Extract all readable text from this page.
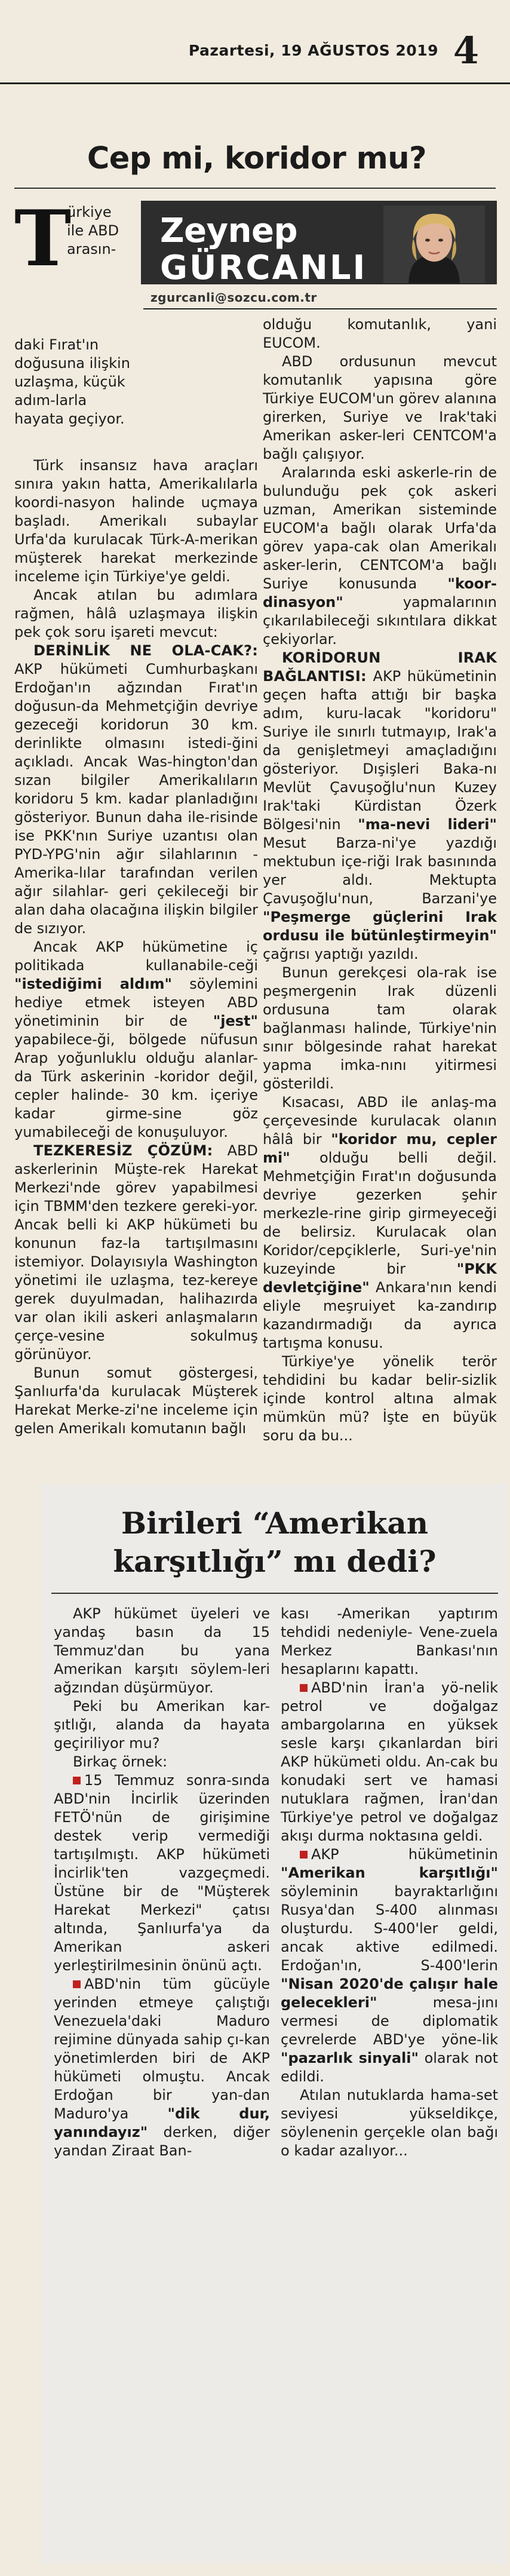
Pazartesi, 19 AĞUSTOS 2019 4
Cep mi, koridor mu?
T

ürkiye

ile ABD

arasın-

daki Fırat'ın doğusuna ilişkin uzlaşma, küçük adım-larla hayata geçiyor.
Zeynep
GÜRCANLI
zgurcanli@sozcu.com.tr

olduğu komutanlık, yani EUCOM.

ABD ordusunun mevcut komutanlık yapısına göre Türkiye EUCOM'un görev alanına girerken, Suriye ve Irak'taki Amerikan asker-leri CENTCOM'a bağlı çalışıyor.

Aralarında eski askerle-rin de bulunduğu pek çok askeri uzman, Amerikan sisteminde EUCOM'a bağlı olarak Urfa'da görev yapa-cak olan Amerikalı asker-lerin, CENTCOM'a bağlı Suriye konusunda "koor-dinasyon" yapmalarının çıkarılabileceği sıkıntılara dikkat çekiyorlar.

KORİDORUN IRAK BAĞLANTISI: AKP hükümetinin geçen hafta attığı bir başka adım, kuru-lacak "koridoru" Suriye ile sınırlı tutmayıp, Irak'a da genişletmeyi amaçladığını gösteriyor. Dışişleri Baka-nı Mevlüt Çavuşoğlu'nun Kuzey Irak'taki Kürdistan Özerk Bölgesi'nin "ma-nevi lideri" Mesut Barza-ni'ye yazdığı mektubun içe-riği Irak basınında yer aldı. Mektupta Çavuşoğlu'nun, Barzani'ye "Peşmerge güçlerini Irak ordusu ile bütünleştirmeyin" çağrısı yaptığı yazıldı.

Bunun gerekçesi ola-rak ise peşmergenin Irak düzenli ordusuna tam olarak bağlanması halinde, Türkiye'nin sınır bölgesinde rahat harekat yapma imka-nını yitirmesi gösterildi.

Kısacası, ABD ile anlaş-ma çerçevesinde kurulacak olanın hâlâ bir "koridor mu, cepler mi" olduğu belli değil. Mehmetçiğin Fırat'ın doğusunda devriye gezerken şehir merkezle-rine girip girmeyeceği de belirsiz. Kurulacak olan Koridor/cepçiklerle, Suri-ye'nin kuzeyinde bir "PKK devletçiğine" Ankara'nın kendi eliyle meşruiyet ka-zandırıp kazandırmadığı da ayrıca tartışma konusu.

Türkiye'ye yönelik terör tehdidini bu kadar belir-sizlik içinde kontrol altına almak mümkün mü? İşte en büyük soru da bu...

Türk insansız hava araçları sınıra yakın hatta, Amerikalılarla koordi-nasyon halinde uçmaya başladı. Amerikalı subaylar Urfa'da kurulacak Türk-A-merikan müşterek harekat merkezinde inceleme için Türkiye'ye geldi.

Ancak atılan bu adımlara rağmen, hâlâ uzlaşmaya ilişkin pek çok soru işareti mevcut:

DERİNLİK NE OLA-CAK?: AKP hükümeti Cumhurbaşkanı Erdoğan'ın ağzından Fırat'ın doğusun-da Mehmetçiğin devriye gezeceği koridorun 30 km. derinlikte olmasını istedi-ğini açıkladı. Ancak Was-hington'dan sızan bilgiler Amerikalıların koridoru 5 km. kadar planladığını gösteriyor. Bunun daha ile-risinde ise PKK'nın Suriye uzantısı olan PYD-YPG'nin ağır silahlarının -Amerika-lılar tarafından verilen ağır silahlar- geri çekileceği bir alan daha olacağına ilişkin bilgiler de sızıyor.

Ancak AKP hükümetine iç politikada kullanabile-ceği "istediğimi aldım" söylemini hediye etmek isteyen ABD yönetiminin bir de "jest" yapabilece-ği, bölgede nüfusun Arap yoğunluklu olduğu alanlar-da Türk askerinin -koridor değil, cepler halinde- 30 km. içeriye kadar girme-sine göz yumabileceği de konuşuluyor.

TEZKERESİZ ÇÖZÜM: ABD askerlerinin Müşte-rek Harekat Merkezi'nde görev yapabilmesi için TBMM'den tezkere gereki-yor. Ancak belli ki AKP hükümeti bu konunun faz-la tartışılmasını istemiyor. Dolayısıyla Washington yönetimi ile uzlaşma, tez-kereye gerek duyulmadan, halihazırda var olan ikili askeri anlaşmaların çerçe-vesine sokulmuş görünüyor.

Bunun somut göstergesi, Şanlıurfa'da kurulacak Müşterek Harekat Merke-zi'ne inceleme için gelen Amerikalı komutanın bağlı

Birileri “Amerikan
karşıtlığı” mı dedi?

AKP hükümet üyeleri ve yandaş basın da 15 Temmuz'dan bu yana Amerikan karşıtı söylem-leri ağzından düşürmüyor.

Peki bu Amerikan kar-şıtlığı, alanda da hayata geçiriliyor mu?

Birkaç örnek:

15 Temmuz sonra-sında ABD'nin İncirlik üzerinden FETÖ'nün de girişimine destek verip vermediği tartışılmıştı. AKP hükümeti İncirlik'ten vazgeçmedi. Üstüne bir de "Müşterek Harekat Merkezi" çatısı altında, Şanlıurfa'ya da Amerikan askeri yerleştirilmesinin önünü açtı.

ABD'nin tüm gücüyle yerinden etmeye çalıştığı Venezuela'daki Maduro rejimine dünyada sahip çı-kan yönetimlerden biri de AKP hükümeti olmuştu. Ancak Erdoğan bir yan-dan Maduro'ya "dik dur, yanındayız" derken, diğer yandan Ziraat Ban-

kası -Amerikan yaptırım tehdidi nedeniyle- Vene-zuela Merkez Bankası'nın hesaplarını kapattı.

ABD'nin İran'a yö-nelik petrol ve doğalgaz ambargolarına en yüksek sesle karşı çıkanlardan biri AKP hükümeti oldu. An-cak bu konudaki sert ve hamasi nutuklara rağmen, İran'dan Türkiye'ye petrol ve doğalgaz akışı durma noktasına geldi.

AKP hükümetinin "Amerikan karşıtlığı" söyleminin bayraktarlığını Rusya'dan S-400 alınması oluşturdu. S-400'ler geldi, ancak aktive edilmedi. Erdoğan'ın, S-400'lerin "Nisan 2020'de çalışır hale gelecekleri" mesa-jını vermesi de diplomatik çevrelerde ABD'ye yöne-lik "pazarlık sinyali" olarak not edildi.

Atılan nutuklarda hama-set seviyesi yükseldikçe, söylenenin gerçekle olan bağı o kadar azalıyor...
